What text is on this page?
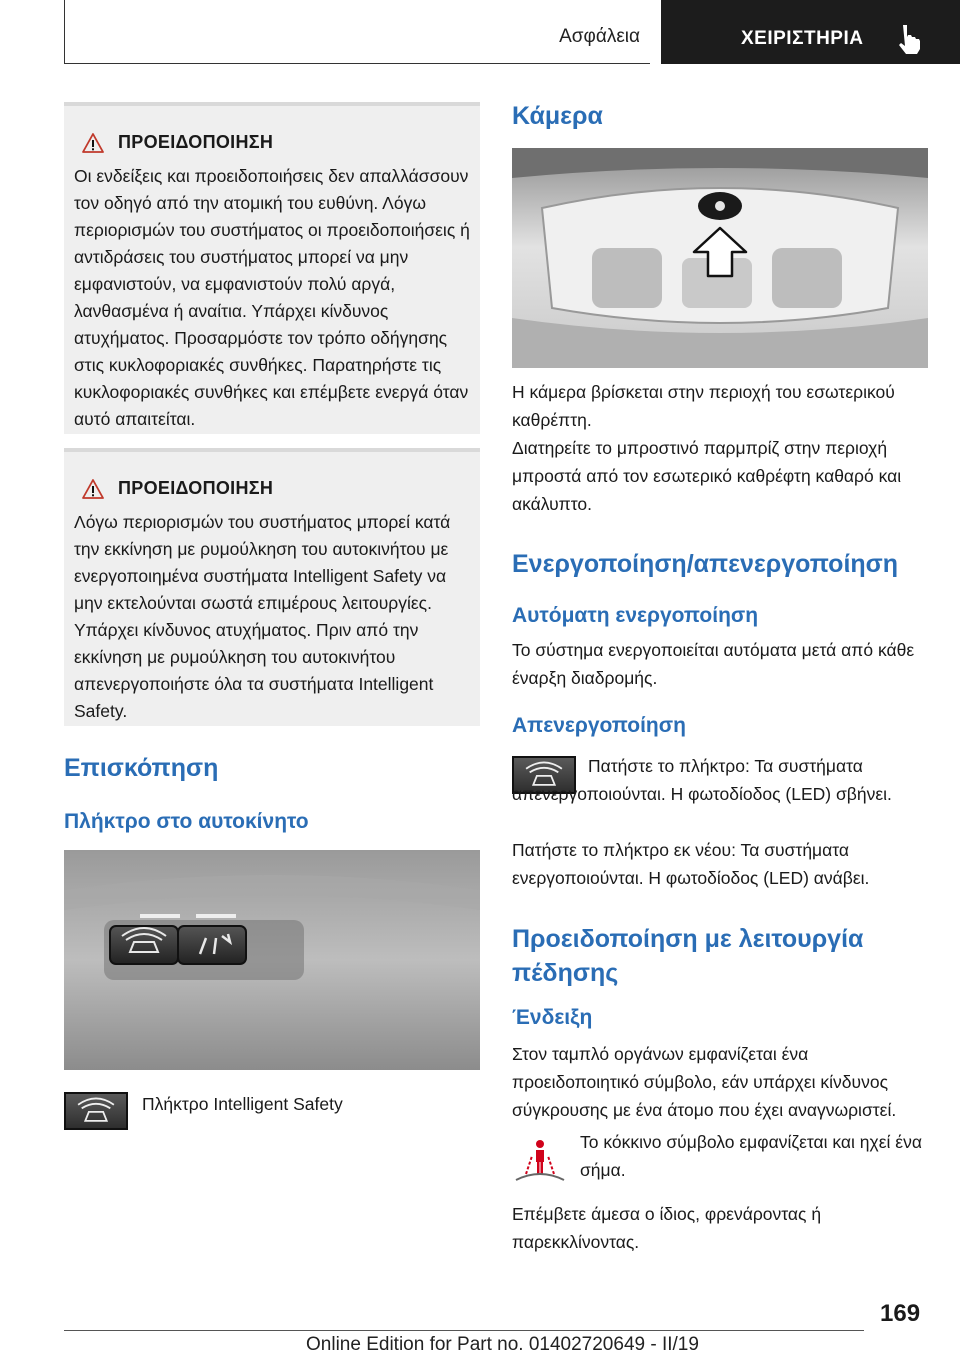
Ασφάλεια	ΧΕΙΡΙΣΤΗΡΙΑ
ΠΡΟΕΙΔΟΠΟΙΗΣΗ

Οι ενδείξεις και προειδοποιήσεις δεν απαλλάσσουν τον οδηγό από την ατομική του ευθύνη. Λόγω περιορισμών του συστήματος οι προειδοποιήσεις ή αντιδράσεις του συστήματος μπορεί να μην εμφανιστούν, να εμφανιστούν πολύ αργά, λανθασμένα ή αναίτια. Υπάρχει κίνδυνος ατυχήματος. Προσαρμόστε τον τρόπο οδήγησης στις κυκλοφοριακές συνθήκες. Παρατηρήστε τις κυκλοφοριακές συνθήκες και επέμβετε ενεργά όταν αυτό απαιτείται.

ΠΡΟΕΙΔΟΠΟΙΗΣΗ

Λόγω περιορισμών του συστήματος μπορεί κατά την εκκίνηση με ρυμούλκηση του αυτοκινήτου με ενεργοποιημένα συστήματα Intelligent Safety να μην εκτελούνται σωστά επιμέρους λειτουργίες. Υπάρχει κίνδυνος ατυχήματος. Πριν από την εκκίνηση με ρυμούλκηση του αυτοκινήτου απενεργοποιήστε όλα τα συστήματα Intelligent Safety.

Επισκόπηση
Πλήκτρο στο αυτοκίνητο
Πλήκτρο Intelligent Safety
Κάμερα
Η κάμερα βρίσκεται στην περιοχή του εσωτερικού καθρέπτη.
Διατηρείτε το μπροστινό παρμπρίζ στην περιοχή μπροστά από τον εσωτερικό καθρέφτη καθαρό και ακάλυπτο.
Ενεργοποίηση/απενεργοποίηση
Αυτόματη ενεργοποίηση
Το σύστημα ενεργοποιείται αυτόματα μετά από κάθε έναρξη διαδρομής.
Απενεργοποίηση
Πατήστε το πλήκτρο: Τα συστήματα απενεργοποιούνται. Η φωτοδίοδος (LED) σβήνει.
Πατήστε το πλήκτρο εκ νέου: Τα συστήματα ενεργοποιούνται. Η φωτοδίοδος (LED) ανάβει.
Προειδοποίηση με λειτουργία πέδησης
Ένδειξη
Στον ταμπλό οργάνων εμφανίζεται ένα προειδοποιητικό σύμβολο, εάν υπάρχει κίνδυνος σύγκρουσης με ένα άτομο που έχει αναγνωριστεί.
Το κόκκινο σύμβολο εμφανίζεται και ηχεί ένα σήμα.
Επέμβετε άμεσα ο ίδιος, φρενάροντας ή παρεκκλίνοντας.
169
Online Edition for Part no. 01402720649 - II/19
